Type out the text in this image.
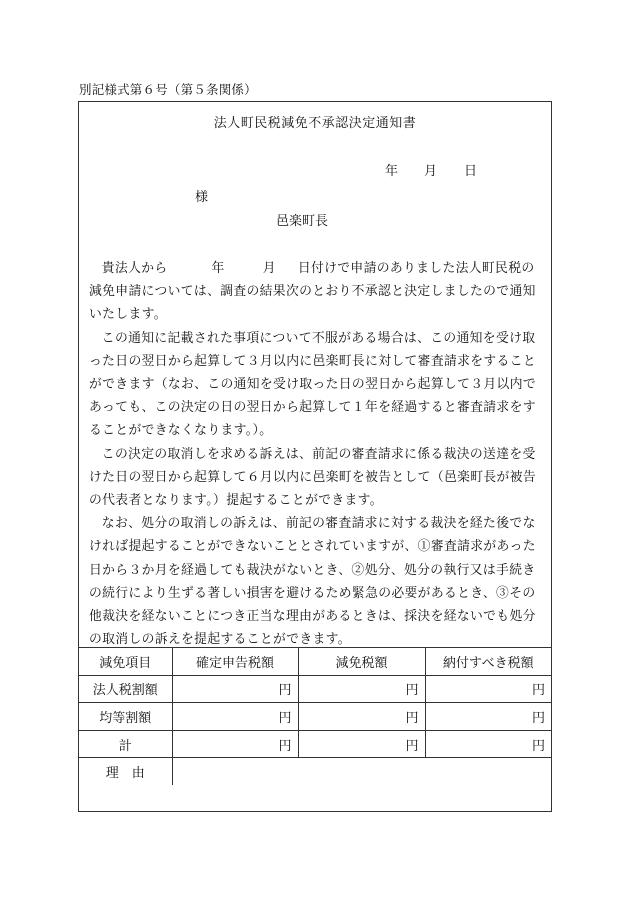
別記様式第６号（第５条関係）
法人町民税減免不承認決定通知書
年 月 日
様
邑楽町長

貴法人から	年	月 日付けで申請のありました法人町民税の減免申請については、調査の結果次のとおり不承認と決定しましたので通知いたします。

この通知に記載された事項について不服がある場合は、この通知を受け取った日の翌日から起算して３月以内に邑楽町長に対して審査請求をすることができます（なお、この通知を受け取った日の翌日から起算して３月以内であっても、この決定の日の翌日から起算して１年を経過すると審査請求をすることができなくなります。）。

この決定の取消しを求める訴えは、前記の審査請求に係る裁決の送達を受けた日の翌日から起算して６月以内に邑楽町を被告として（邑楽町長が被告の代表者となります。）提起することができます。

なお、処分の取消しの訴えは、前記の審査請求に対する裁決を経た後でなければ提起することができないこととされていますが、①審査請求があった日から３か月を経過しても裁決がないとき、②処分、処分の執行又は手続きの続行により生ずる著しい損害を避けるため緊急の必要があるとき、③その他裁決を経ないことにつき正当な理由があるときは、採決を経ないでも処分の取消しの訴えを提起することができます。

減免項目	確定申告税額	減免税額	納付すべき税額
法人税割額	円	円	円
均等割額	円	円	円
計	円	円	円
理　由			
